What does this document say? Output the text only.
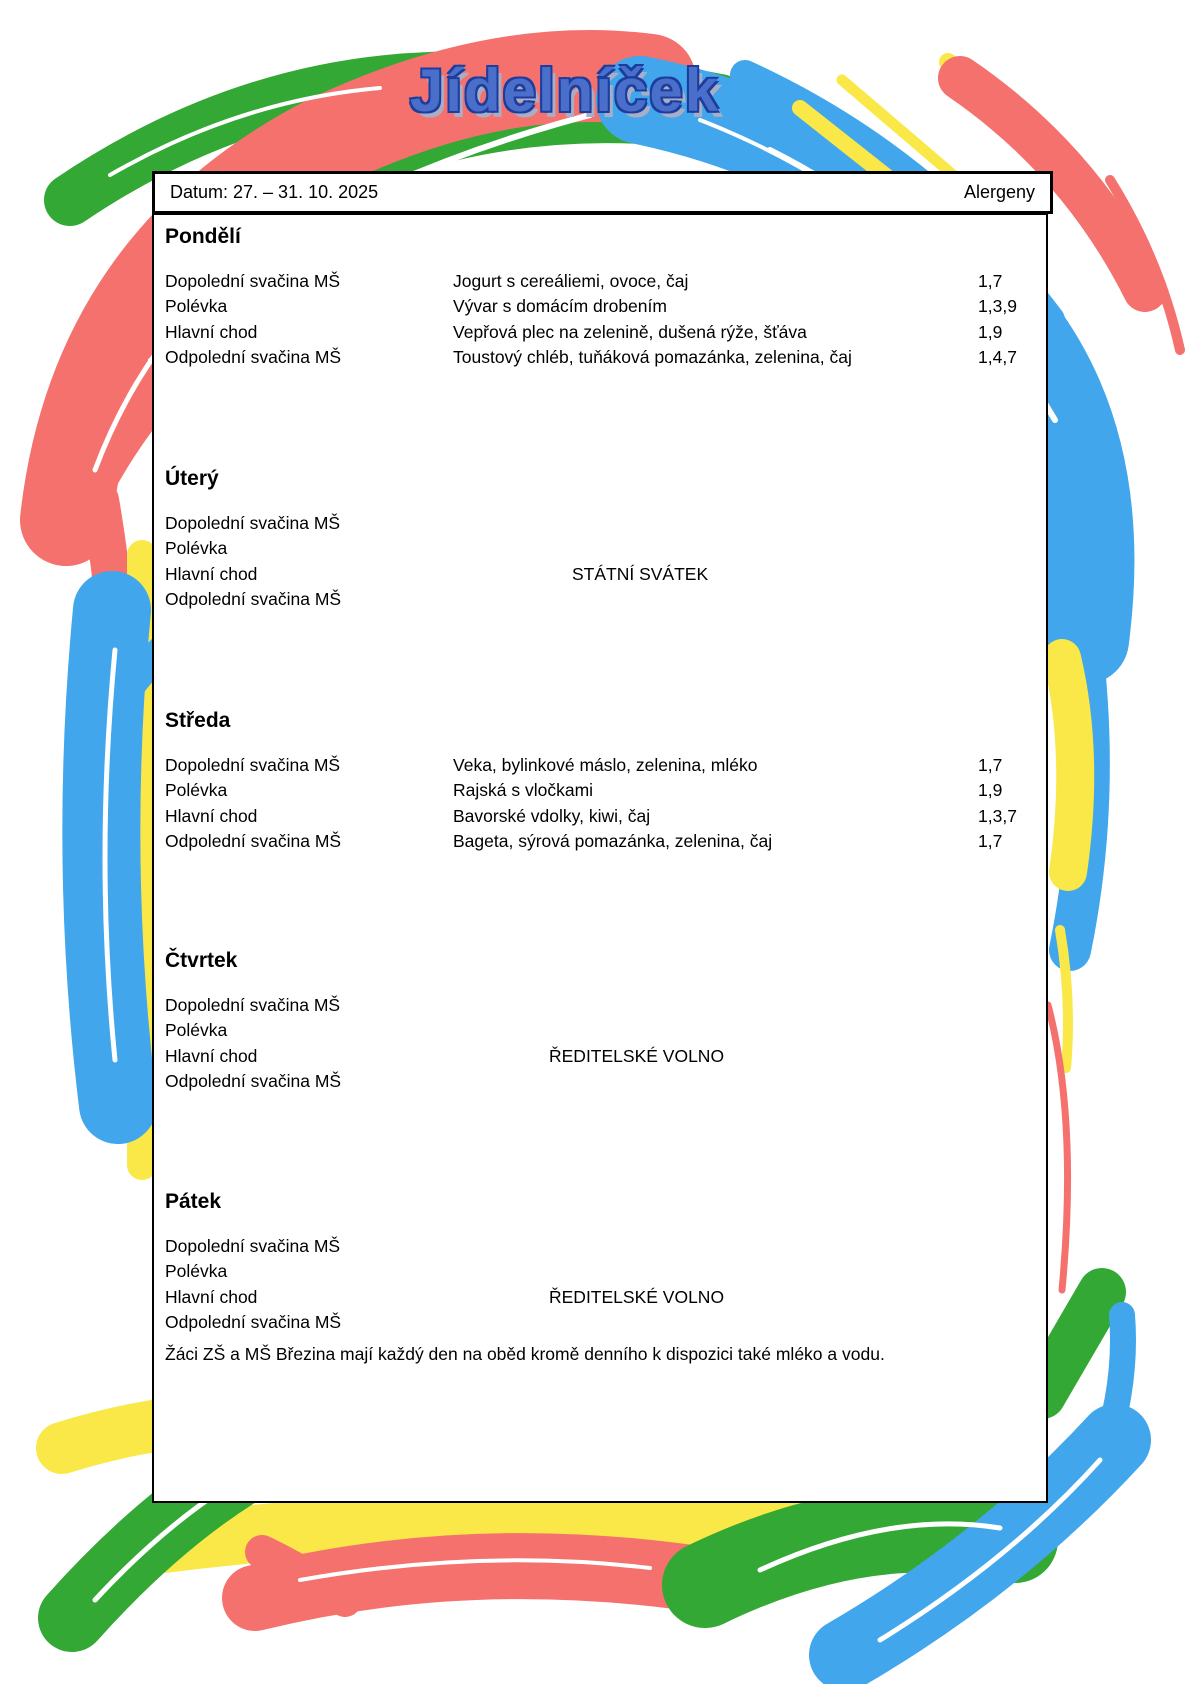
Jídelníček
Datum: 27. – 31. 10. 2025	Alergeny
Pondělí
Dopolední svačina MŠ	Jogurt s cereáliemi, ovoce, čaj	1,7
Polévka	Vývar s domácím drobením	1,3,9
Hlavní chod	Vepřová plec na zelenině, dušená rýže, šťáva	1,9
Odpolední svačina MŠ	Toustový chléb, tuňáková pomazánka, zelenina, čaj	1,4,7
Úterý
Dopolední svačina MŠ
Polévka
Hlavní chod	STÁTNÍ SVÁTEK
Odpolední svačina MŠ
Středa
Dopolední svačina MŠ	Veka, bylinkové máslo, zelenina, mléko	1,7
Polévka	Rajská s vločkami	1,9
Hlavní chod	Bavorské vdolky, kiwi, čaj	1,3,7
Odpolední svačina MŠ	Bageta, sýrová pomazánka, zelenina, čaj	1,7
Čtvrtek
Dopolední svačina MŠ
Polévka
Hlavní chod	ŘEDITELSKÉ VOLNO
Odpolední svačina MŠ
Pátek
Dopolední svačina MŠ
Polévka
Hlavní chod	ŘEDITELSKÉ VOLNO
Odpolední svačina MŠ
Žáci ZŠ a MŠ Březina mají každý den na oběd kromě denního k dispozici také mléko a vodu.
